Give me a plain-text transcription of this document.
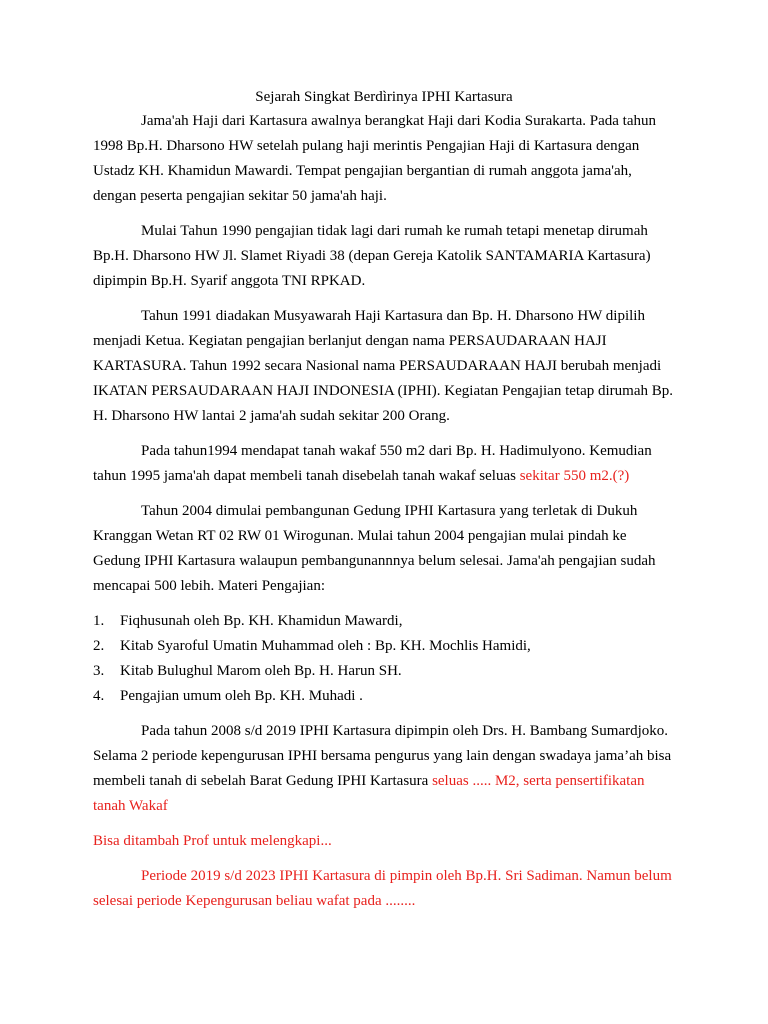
Sejarah Singkat Berdìrinya IPHI Kartasura

Jama'ah Haji dari Kartasura awalnya berangkat Haji dari Kodia Surakarta. Pada tahun 1998 Bp.H. Dharsono HW setelah pulang haji merintis Pengajian Haji di Kartasura dengan Ustadz KH. Khamidun Mawardi. Tempat pengajian bergantian di rumah anggota jama'ah, dengan peserta pengajian sekitar 50 jama'ah haji.

Mulai Tahun 1990 pengajian tidak lagi dari rumah ke rumah tetapi menetap dirumah Bp.H. Dharsono HW Jl. Slamet Riyadi 38 (depan Gereja Katolik SANTAMARIA Kartasura) dipimpin Bp.H. Syarif anggota TNI RPKAD.

Tahun 1991 diadakan Musyawarah Haji Kartasura dan Bp. H. Dharsono HW dipilih menjadi Ketua. Kegiatan pengajian berlanjut dengan nama PERSAUDARAAN HAJI KARTASURA. Tahun 1992 secara Nasional nama PERSAUDARAAN HAJI berubah menjadi IKATAN PERSAUDARAAN HAJI INDONESIA (IPHI). Kegiatan Pengajian tetap dirumah Bp. H. Dharsono HW lantai 2 jama'ah sudah sekitar 200 Orang.

Pada tahun1994 mendapat tanah wakaf 550 m2 dari Bp. H. Hadimulyono. Kemudian tahun 1995 jama'ah dapat membeli tanah disebelah tanah wakaf seluas sekitar 550 m2.(?)

Tahun 2004 dimulai pembangunan Gedung IPHI Kartasura yang terletak di Dukuh Kranggan Wetan RT 02 RW 01 Wirogunan. Mulai tahun 2004 pengajian mulai pindah ke Gedung IPHI Kartasura walaupun pembangunannnya belum selesai. Jama'ah pengajian sudah mencapai 500 lebih. Materi Pengajian:

1. Fiqhusunah oleh Bp. KH. Khamidun Mawardi,
2. Kitab Syaroful Umatin Muhammad oleh : Bp. KH. Mochlis Hamidi,
3. Kitab Bulughul Marom oleh Bp. H. Harun SH.
4. Pengajian umum oleh Bp. KH. Muhadi .

Pada tahun 2008 s/d 2019 IPHI Kartasura dipimpin oleh Drs. H. Bambang Sumardjoko. Selama 2 periode kepengurusan IPHI bersama pengurus yang lain dengan swadaya jama’ah bisa membeli tanah di sebelah Barat Gedung IPHI Kartasura seluas ..... M2, serta pensertifikatan tanah Wakaf

Bisa ditambah Prof untuk melengkapi...

Periode 2019 s/d 2023 IPHI Kartasura di pimpin oleh Bp.H. Sri Sadiman. Namun belum selesai periode Kepengurusan beliau wafat pada ........
